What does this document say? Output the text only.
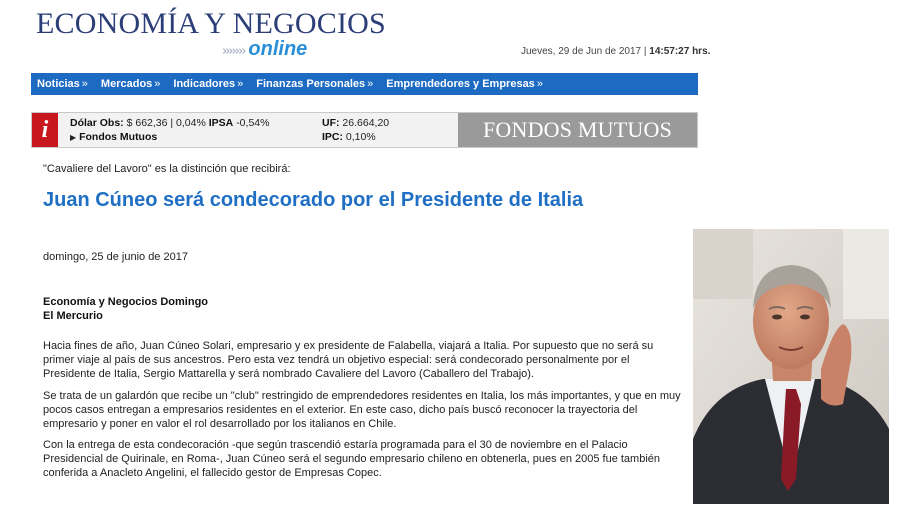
ECONOMÍA Y NEGOCIOS
››››››› online	Jueves, 29 de Jun de 2017 | 14:57:27 hrs.
Noticias »	Mercados »	Indicadores »	Finanzas Personales »	Emprendedores y Empresas »
i	Dólar Obs: $ 662,36 | 0,04% IPSA -0,54%
▶ Fondos Mutuos
UF: 26.664,20
IPC: 0,10%	FONDOS MUTUOS
"Cavaliere del Lavoro" es la distinción que recibirá:
Juan Cúneo será condecorado por el Presidente de Italia
domingo, 25 de junio de 2017
Economía y Negocios Domingo
El Mercurio

Hacia fines de año, Juan Cúneo Solari, empresario y ex presidente de Falabella, viajará a Italia. Por supuesto que no será su primer viaje al país de sus ancestros. Pero esta vez tendrá un objetivo especial: será condecorado personalmente por el Presidente de Italia, Sergio Mattarella y será nombrado Cavaliere del Lavoro (Caballero del Trabajo).

Se trata de un galardón que recibe un "club" restringido de emprendedores residentes en Italia, los más importantes, y que en muy pocos casos entregan a empresarios residentes en el exterior. En este caso, dicho país buscó reconocer la trayectoria del empresario y poner en valor el rol desarrollado por los italianos en Chile.

Con la entrega de esta condecoración -que según trascendió estaría programada para el 30 de noviembre en el Palacio Presidencial de Quirinale, en Roma-, Juan Cúneo será el segundo empresario chileno en obtenerla, pues en 2005 fue también conferida a Anacleto Angelini, el fallecido gestor de Empresas Copec.
